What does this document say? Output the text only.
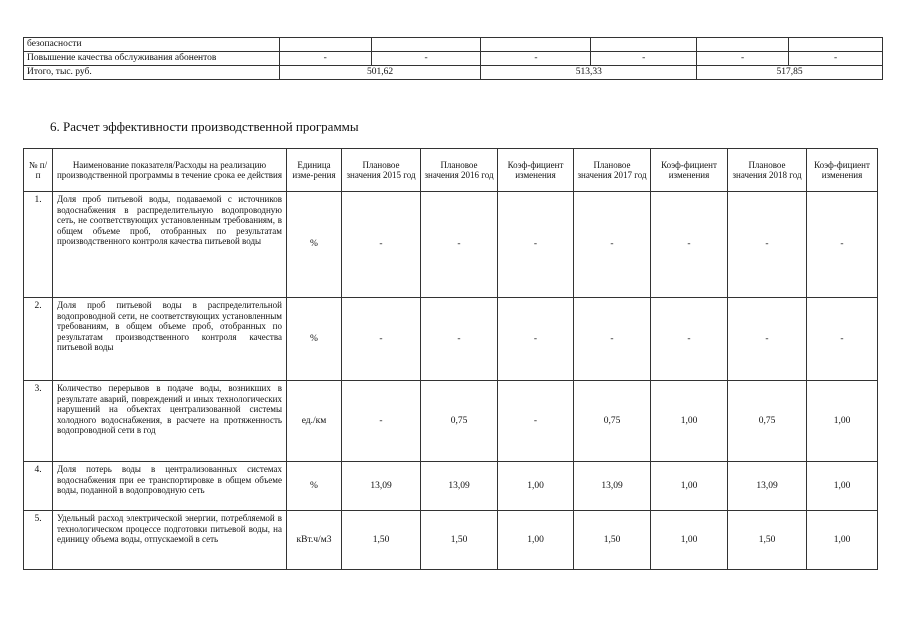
безопасности						
Повышение качества обслуживания абонентов	-	-	-	-	-	-
Итого, тыс. руб.	501,62		513,33		517,85	
6. Расчет эффективности производственной программы
№ п/п	Наименование показателя/Расходы на реализацию производственной программы в течение срока ее действия	Единица изме-рения	Плановое значения 2015 год	Плановое значения 2016 год	Коэф-фициент изменения	Плановое значения 2017 год	Коэф-фициент изменения	Плановое значения 2018 год	Коэф-фициент изменения
1.	Доля проб питьевой воды, подаваемой с источников водоснабжения в распределительную водопроводную сеть, не соответствующих установленным требованиям, в общем объеме проб, отобранных по результатам производственного контроля качества питьевой воды	%	-	-	-	-	-	-	-
2.	Доля проб питьевой воды в распределительной водопроводной сети, не соответствующих установленным требованиям, в общем объеме проб, отобранных по результатам производственного контроля качества питьевой воды	%	-	-	-	-	-	-	-
3.	Количество перерывов в подаче воды, возникших в результате аварий, повреждений и иных технологических нарушений на объектах централизованной системы холодного водоснабжения, в расчете на протяженность водопроводной сети в год	ед./км	-	0,75	-	0,75	1,00	0,75	1,00
4.	Доля потерь воды в централизованных системах водоснабжения при ее транспортировке в общем объеме воды, поданной в водопроводную сеть	%	13,09	13,09	1,00	13,09	1,00	13,09	1,00
5.	Удельный расход электрической энергии, потребляемой в технологическом процессе подготовки питьевой воды, на единицу объема воды, отпускаемой в сеть	кВт.ч/м3	1,50	1,50	1,00	1,50	1,00	1,50	1,00
